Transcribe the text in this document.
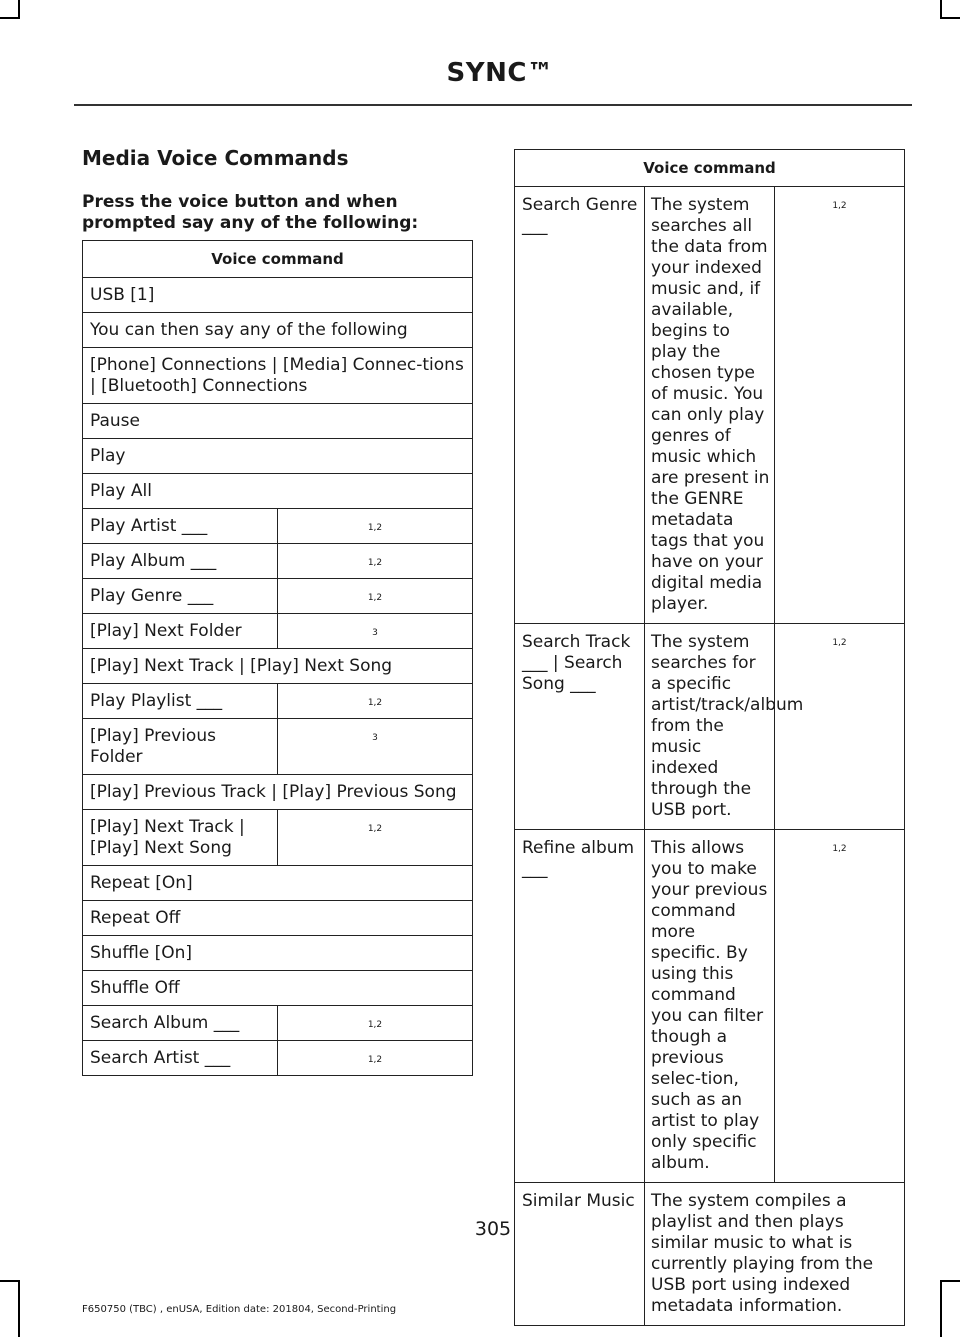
SYNC™
Media Voice Commands
Press the voice button and when prompted say any of the following:
Voice command	
USB [1]	
You can then say any of the following	
[Phone] Connections | [Media] Connec-tions | [Bluetooth] Connections	
Pause	
Play	
Play All	
Play Artist ___	1,2
Play Album ___	1,2
Play Genre ___	1,2
[Play] Next Folder	3
[Play] Next Track | [Play] Next Song	
Play Playlist ___	1,2
[Play] Previous Folder	3
[Play] Previous Track | [Play] Previous Song	
[Play] Next Track | [Play] Next Song	1,2
Repeat [On]	
Repeat Off	
Shuffle [On]	
Shuffle Off	
Search Album ___	1,2
Search Artist ___	1,2
Voice command		
Search Genre ___	The system searches all the data from your indexed music and, if available, begins to play the chosen type of music. You can only play genres of music which are present in the GENRE metadata tags that you have on your digital media player.	1,2
Search Track ___ | Search Song ___	The system searches for a specific artist/track/album from the music indexed through the USB port.	1,2
Refine album ___	This allows you to make your previous command more specific. By using this command you can filter though a previous selec-tion, such as an artist to play only specific album.	1,2
Similar Music	The system compiles a playlist and then plays similar music to what is currently playing from the USB port using indexed metadata information.	
305
F650750 (TBC) , enUSA, Edition date: 201804, Second-Printing
